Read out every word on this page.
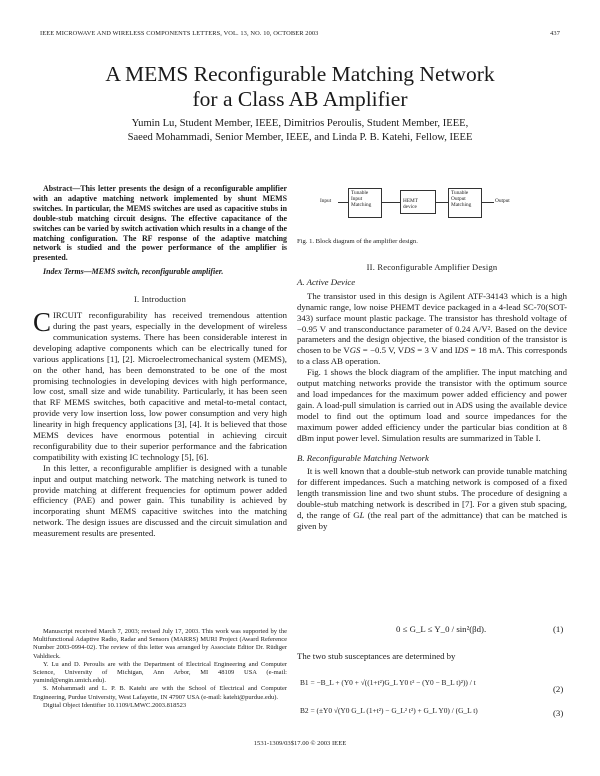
IEEE MICROWAVE AND WIRELESS COMPONENTS LETTERS, VOL. 13, NO. 10, OCTOBER 2003	437
A MEMS Reconfigurable Matching Network
for a Class AB Amplifier
Yumin Lu, Student Member, IEEE, Dimitrios Peroulis, Student Member, IEEE,
Saeed Mohammadi, Senior Member, IEEE, and Linda P. B. Katehi, Fellow, IEEE

Abstract—This letter presents the design of a reconfigurable amplifier with an adaptive matching network implemented by shunt MEMS switches. In particular, the MEMS switches are used as capacitive stubs in double-stub matching circuit designs. The effective capacitance of the switches can be varied by switch activation which results in a change of the matching configuration. The RF response of the adaptive matching network is studied and the power performance of the amplifier is presented.

Index Terms—MEMS switch, reconfigurable amplifier.

I. Introduction

CIRCUIT reconfigurability has received tremendous attention during the past years, especially in the development of wireless communication systems. There has been considerable interest in developing adaptive components which can be electrically tuned for various applications [1], [2]. Microelectromechanical system (MEMS), on the other hand, has been demonstrated to be one of the most promising technologies in developing devices with high performance, low cost, small size and wide tunability. Particularly, it has been seen that RF MEMS switches, both capacitive and metal-to-metal contact, provide very low insertion loss, low power consumption and very high linearity in high frequency applications [3], [4]. It is believed that those MEMS devices have enormous potential in achieving circuit reconfigurability due to their superior performance and the fabrication compatibility with existing IC technology [5], [6].

In this letter, a reconfigurable amplifier is designed with a tunable input and output matching network. The matching network is tuned to provide matching at different frequencies for optimum power added efficiency (PAE) and power gain. This tunability is achieved by incorporating shunt MEMS capacitive switches into the matching network. The design issues are discussed and the circuit simulation and measurement results are presented.

Manuscript received March 7, 2003; revised July 17, 2003. This work was supported by the Multifunctional Adaptive Radio, Radar and Sensors (MARRS) MURI Project (Award Reference Number 2003-0994-02). The review of this letter was arranged by Associate Editor Dr. Rüdiger Vahldieck.

Y. Lu and D. Peroulis are with the Department of Electrical Engineering and Computer Science, University of Michigan, Ann Arbor, MI 48109 USA (e-mail: yumind@engin.umich.edu).

S. Mohammadi and L. P. B. Katehi are with the School of Electrical and Computer Engineering, Purdue University, West Lafayette, IN 47907 USA (e-mail: katehi@purdue.edu).

Digital Object Identifier 10.1109/LMWC.2003.818523

Input
Tunable Input Matching
HEMT device
Tunable Output Matching
Output
Fig. 1. Block diagram of the amplifier design.
II. Reconfigurable Amplifier Design
A. Active Device

The transistor used in this design is Agilent ATF-34143 which is a high dynamic range, low noise PHEMT device packaged in a 4-lead SC-70(SOT-343) surface mount plastic package. The transistor has threshold voltage of −0.95 V and transconductance parameter of 0.24 A/V². Based on the device parameters and the design objective, the biased condition of the transistor is chosen to be VGS = −0.5 V, VDS = 3 V and IDS = 18 mA. This corresponds to a class AB operation.

Fig. 1 shows the block diagram of the amplifier. The input matching and output matching networks provide the transistor with the optimum source and load impedances for the maximum power added efficiency and power gain. A load-pull simulation is carried out in ADS using the available device model to find out the optimum load and source impedances for the maximum power added efficiency under the particular bias condition at 8 dBm input power level. Simulation results are summarized in Table I.

B. Reconfigurable Matching Network

It is well known that a double-stub network can provide tunable matching for different impedances. Such a matching network is composed of a fixed length transmission line and two shunt stubs. The procedure of designing a double-stub matching network is described in [7]. For a given stub spacing, d, the range of GL (the real part of the admittance) that can be matched is given by

0 ≤ G_L ≤ Y_0 / sin²(βd).	(1)
The two stub susceptances are determined by
B1 = −B_L + (Y0 + √((1+t²)G_L Y0 t² − (Y0 − B_L t)²)) / t
(2)
B2 = (±Y0 √(Y0 G_L (1+t²) − G_L² t²) + G_L Y0) / (G_L t)	(3)
1531-1309/03$17.00 © 2003 IEEE
